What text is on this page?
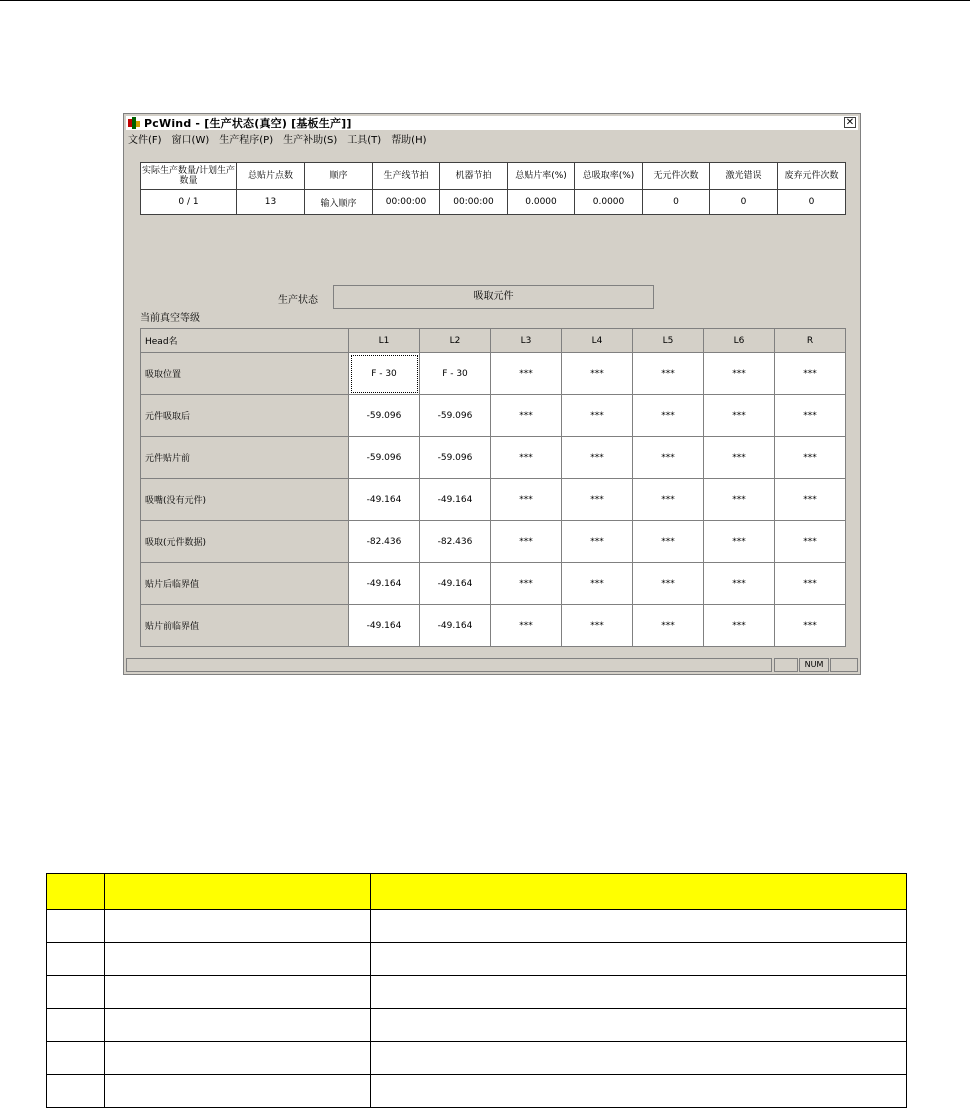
PcWind - [生产状态(真空) [基板生产]]	✕
文件(F) 窗口(W) 生产程序(P) 生产补助(S) 工具(T) 帮助(H)
NUM
实际生产数量/计划生产数量	总贴片点数	顺序	生产线节拍	机器节拍	总贴片率(%)	总吸取率(%)	无元件次数	激光错误	废弃元件次数
0 / 1	13	输入顺序	00:00:00	00:00:00	0.0000	0.0000	0	0	0
生产状态	吸取元件
当前真空等级
Head名	L1	L2	L3	L4	L5	L6	R
吸取位置	F - 30	F - 30	***	***	***	***	***
元件吸取后	-59.096	-59.096	***	***	***	***	***
元件贴片前	-59.096	-59.096	***	***	***	***	***
吸嘴(没有元件)	-49.164	-49.164	***	***	***	***	***
吸取(元件数据)	-82.436	-82.436	***	***	***	***	***
贴片后临界值	-49.164	-49.164	***	***	***	***	***
贴片前临界值	-49.164	-49.164	***	***	***	***	***
